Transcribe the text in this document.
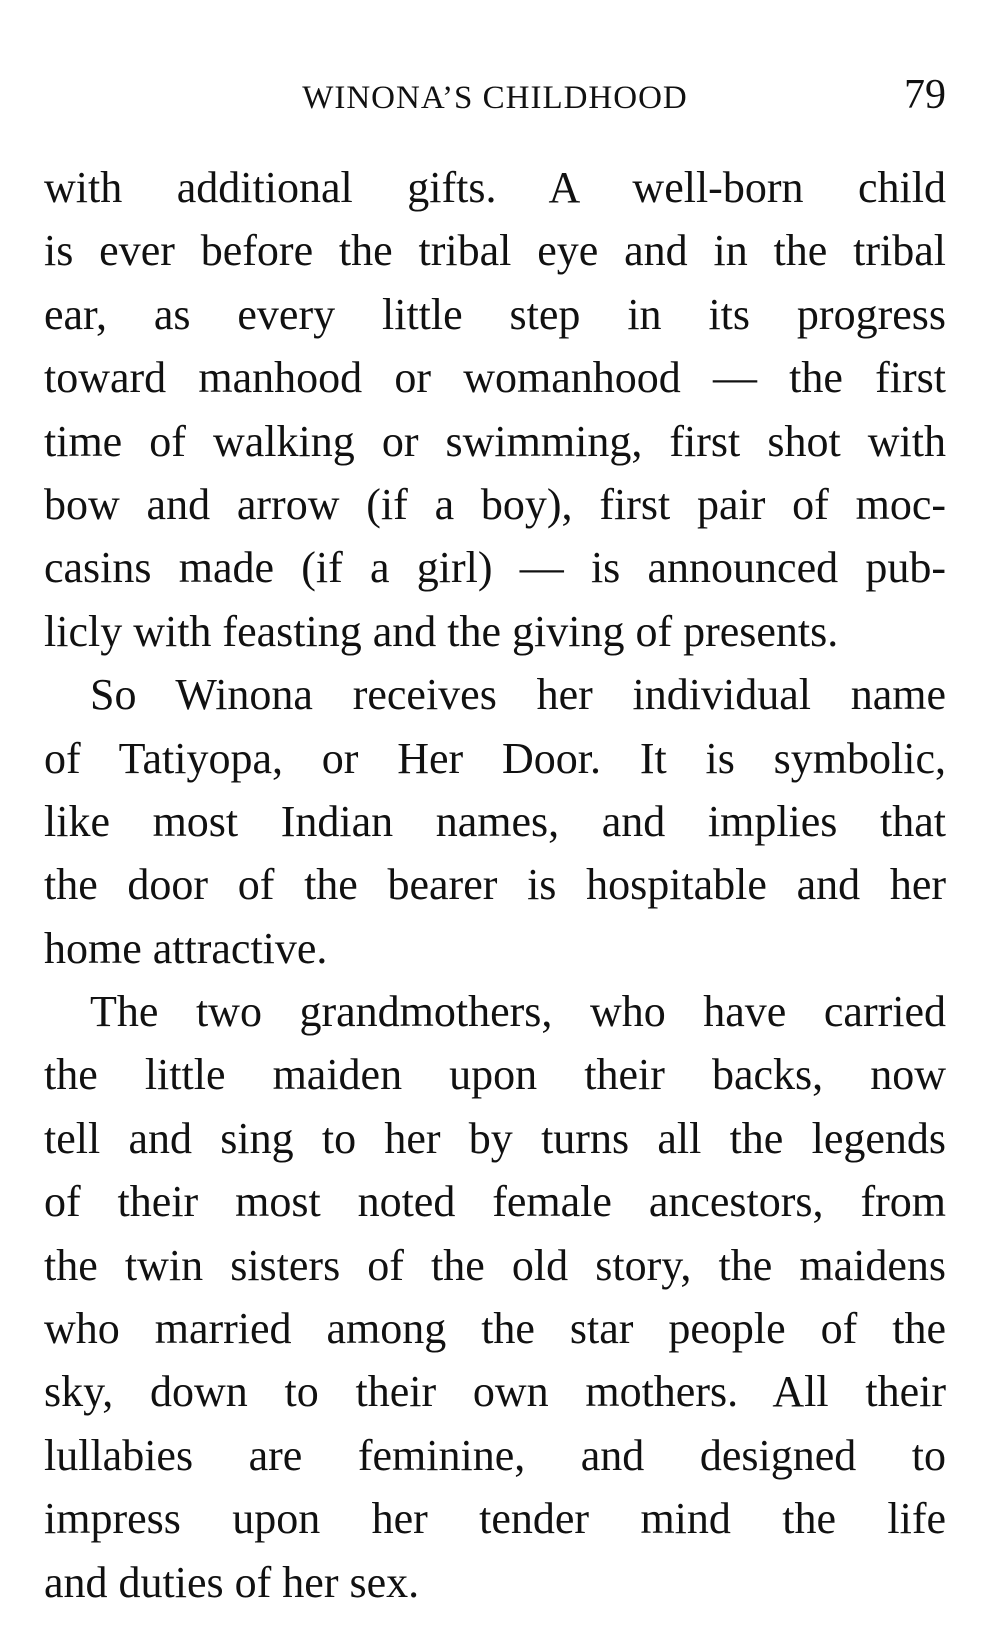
WINONA’S CHILDHOOD	79
with additional gifts. A well-born child
is ever before the tribal eye and in the tribal
ear, as every little step in its progress
toward manhood or womanhood — the first
time of walking or swimming, first shot with
bow and arrow (if a boy), first pair of moc-
casins made (if a girl) — is announced pub-
licly with feasting and the giving of presents.
So Winona receives her individual name
of Tatiyopa, or Her Door. It is symbolic,
like most Indian names, and implies that
the door of the bearer is hospitable and her
home attractive.
The two grandmothers, who have carried
the little maiden upon their backs, now
tell and sing to her by turns all the legends
of their most noted female ancestors, from
the twin sisters of the old story, the maidens
who married among the star people of the
sky, down to their own mothers. All their
lullabies are feminine, and designed to
impress upon her tender mind the life
and duties of her sex.
